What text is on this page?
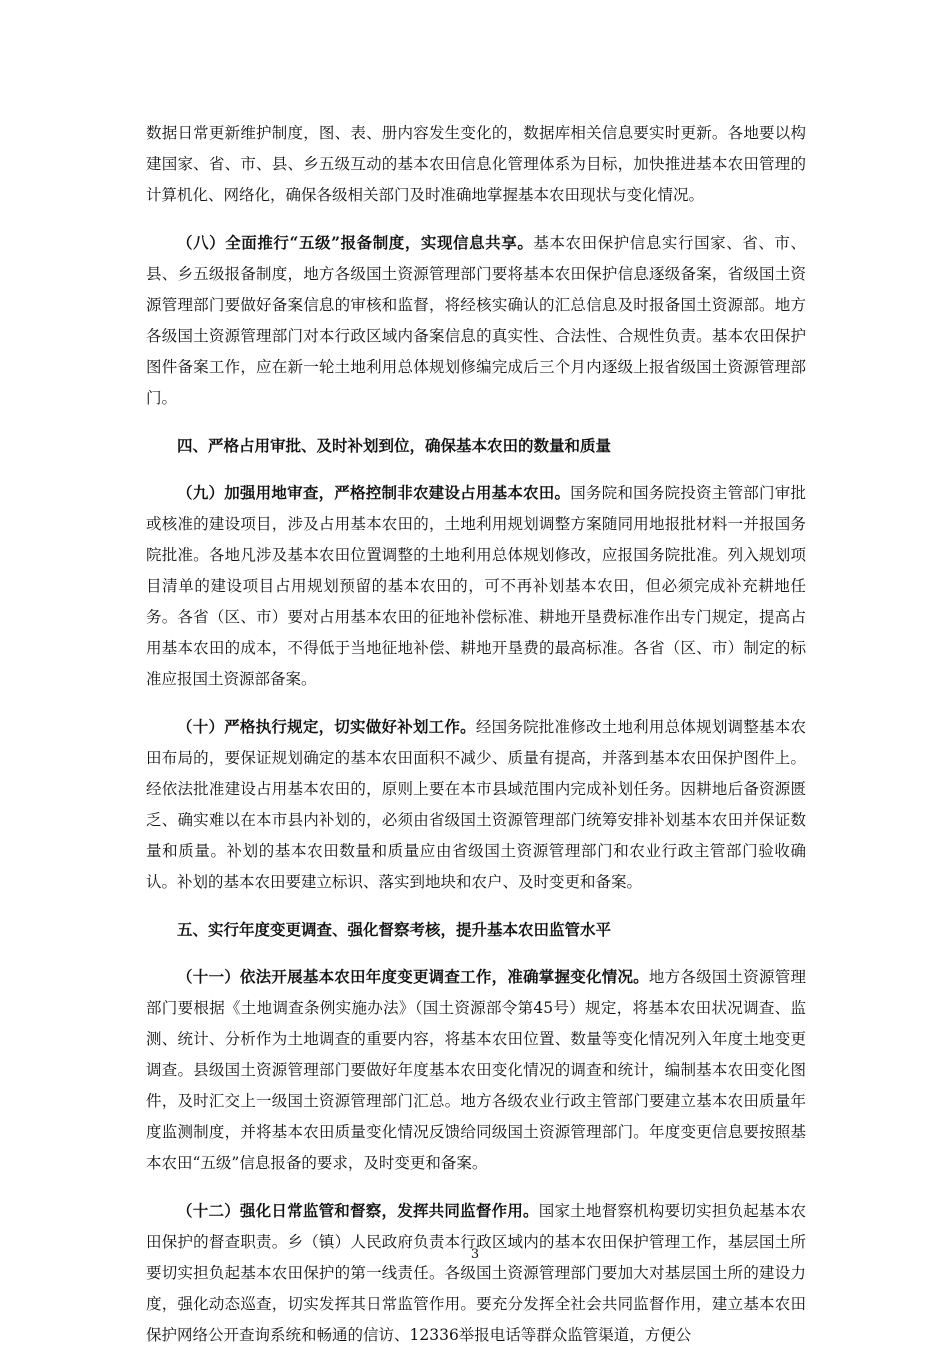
数据日常更新维护制度，图、表、册内容发生变化的，数据库相关信息要实时更新。各地要以构建国家、省、市、县、乡五级互动的基本农田信息化管理体系为目标，加快推进基本农田管理的计算机化、网络化，确保各级相关部门及时准确地掌握基本农田现状与变化情况。

（八）全面推行“五级”报备制度，实现信息共享。基本农田保护信息实行国家、省、市、县、乡五级报备制度，地方各级国土资源管理部门要将基本农田保护信息逐级备案，省级国土资源管理部门要做好备案信息的审核和监督，将经核实确认的汇总信息及时报备国土资源部。地方各级国土资源管理部门对本行政区域内备案信息的真实性、合法性、合规性负责。基本农田保护图件备案工作，应在新一轮土地利用总体规划修编完成后三个月内逐级上报省级国土资源管理部门。

四、严格占用审批、及时补划到位，确保基本农田的数量和质量

（九）加强用地审查，严格控制非农建设占用基本农田。国务院和国务院投资主管部门审批或核准的建设项目，涉及占用基本农田的，土地利用规划调整方案随同用地报批材料一并报国务院批准。各地凡涉及基本农田位置调整的土地利用总体规划修改，应报国务院批准。列入规划项目清单的建设项目占用规划预留的基本农田的，可不再补划基本农田，但必须完成补充耕地任务。各省（区、市）要对占用基本农田的征地补偿标准、耕地开垦费标准作出专门规定，提高占用基本农田的成本，不得低于当地征地补偿、耕地开垦费的最高标准。各省（区、市）制定的标准应报国土资源部备案。

（十）严格执行规定，切实做好补划工作。经国务院批准修改土地利用总体规划调整基本农田布局的，要保证规划确定的基本农田面积不减少、质量有提高，并落到基本农田保护图件上。经依法批准建设占用基本农田的，原则上要在本市县域范围内完成补划任务。因耕地后备资源匮乏、确实难以在本市县内补划的，必须由省级国土资源管理部门统筹安排补划基本农田并保证数量和质量。补划的基本农田数量和质量应由省级国土资源管理部门和农业行政主管部门验收确认。补划的基本农田要建立标识、落实到地块和农户、及时变更和备案。

五、实行年度变更调查、强化督察考核，提升基本农田监管水平

（十一）依法开展基本农田年度变更调查工作，准确掌握变化情况。地方各级国土资源管理部门要根据《土地调查条例实施办法》（国土资源部令第45号）规定，将基本农田状况调查、监测、统计、分析作为土地调查的重要内容，将基本农田位置、数量等变化情况列入年度土地变更调查。县级国土资源管理部门要做好年度基本农田变化情况的调查和统计，编制基本农田变化图件，及时汇交上一级国土资源管理部门汇总。地方各级农业行政主管部门要建立基本农田质量年度监测制度，并将基本农田质量变化情况反馈给同级国土资源管理部门。年度变更信息要按照基本农田“五级”信息报备的要求，及时变更和备案。

（十二）强化日常监管和督察，发挥共同监督作用。国家土地督察机构要切实担负起基本农田保护的督查职责。乡（镇）人民政府负责本行政区域内的基本农田保护管理工作，基层国土所要切实担负起基本农田保护的第一线责任。各级国土资源管理部门要加大对基层国土所的建设力度，强化动态巡查，切实发挥其日常监管作用。要充分发挥全社会共同监督作用，建立基本农田保护网络公开查询系统和畅通的信访、12336举报电话等群众监管渠道，方便公

3
